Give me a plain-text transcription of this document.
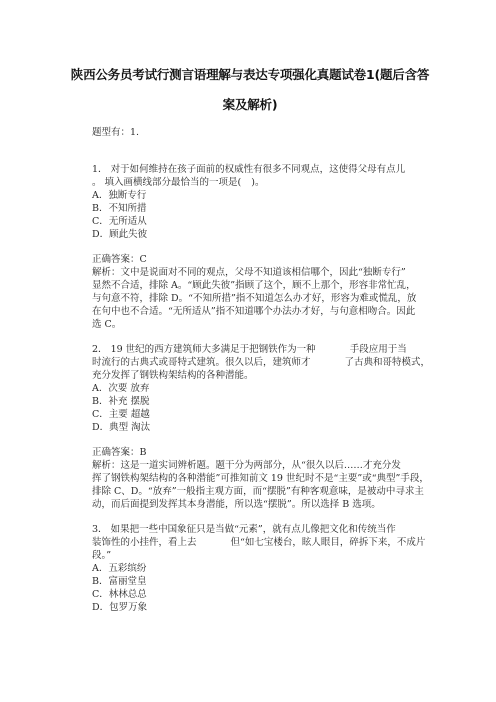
陕西公务员考试行测言语理解与表达专项强化真题试卷1(题后含答
案及解析)
题型有：1.
1． 对于如何维持在孩子面前的权威性有很多不同观点，这使得父母有点儿
。 填入画横线部分最恰当的一项是( )。
A．独断专行
B．不知所措
C．无所适从
D．顾此失彼
正确答案：C
解析：文中是说面对不同的观点，父母不知道该相信哪个，因此“独断专行”
显然不合适，排除 A。“顾此失彼”指顾了这个，顾不上那个，形容非常忙乱，
与句意不符，排除 D。“不知所措”指不知道怎么办才好，形容为难或慌乱，放
在句中也不合适。“无所适从”指不知道哪个办法办才好，与句意相吻合。因此
选 C。
2． 19 世纪的西方建筑师大多满足于把钢铁作为一种	手段应用于当
时流行的古典式或哥特式建筑。很久以后，建筑师才	了古典和哥特模式，
充分发挥了钢铁构架结构的各种潜能。
A．次要 放弃
B．补充 摆脱
C．主要 超越
D．典型 淘汰
正确答案：B
解析：这是一道实词辨析题。题干分为两部分，从“很久以后……才充分发
挥了钢铁构架结构的各种潜能”可推知前文 19 世纪时不是“主要”或“典型”手段，
排除 C、D。“放弃”一般指主观方面，而“摆脱”有种客观意味，是被动中寻求主
动，而后面提到发挥其本身潜能，所以选“摆脱”。所以选择 B 选项。
3． 如果把一些中国象征只是当做“元素”，就有点儿像把文化和传统当作
装饰性的小挂件，看上去	但“如七宝楼台，眩人眼目，碎拆下来，不成片
段。”
A．五彩缤纷
B．富丽堂皇
C．林林总总
D．包罗万象
